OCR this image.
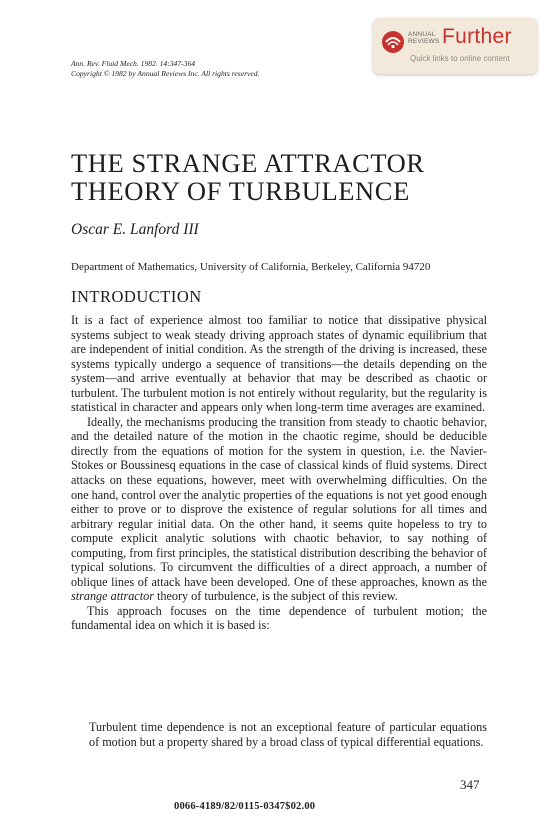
ANNUAL
REVIEWS Further
Quick links to online content
Ann. Rev. Fluid Mech. 1982. 14:347-364
Copyright © 1982 by Annual Reviews Inc. All rights reserved.
THE STRANGE ATTRACTOR
THEORY OF TURBULENCE
Oscar E. Lanford III
Department of Mathematics, University of California, Berkeley, California 94720
INTRODUCTION

It is a fact of experience almost too familiar to notice that dissipative physical systems subject to weak steady driving approach states of dynamic equilibrium that are independent of initial condition. As the strength of the driving is increased, these systems typically undergo a sequence of transitions—the details depending on the system—and arrive eventually at behavior that may be described as chaotic or turbulent. The turbulent motion is not entirely without regularity, but the regularity is statistical in character and appears only when long-term time averages are examined.

Ideally, the mechanisms producing the transition from steady to chaotic behavior, and the detailed nature of the motion in the chaotic regime, should be deducible directly from the equations of motion for the system in question, i.e. the Navier-Stokes or Boussinesq equations in the case of classical kinds of fluid systems. Direct attacks on these equations, however, meet with overwhelming difficulties. On the one hand, control over the analytic properties of the equations is not yet good enough either to prove or to disprove the existence of regular solutions for all times and arbitrary regular initial data. On the other hand, it seems quite hopeless to try to compute explicit analytic solutions with chaotic behavior, to say nothing of computing, from first principles, the statistical distribution describing the behavior of typical solutions. To circumvent the difficulties of a direct approach, a number of oblique lines of attack have been developed. One of these approaches, known as the strange attractor theory of turbulence, is the subject of this review.

This approach focuses on the time dependence of turbulent motion; the fundamental idea on which it is based is:

Turbulent time dependence is not an exceptional feature of particular equations of motion but a property shared by a broad class of typical differential equations.
347
0066-4189/82/0115-0347$02.00
